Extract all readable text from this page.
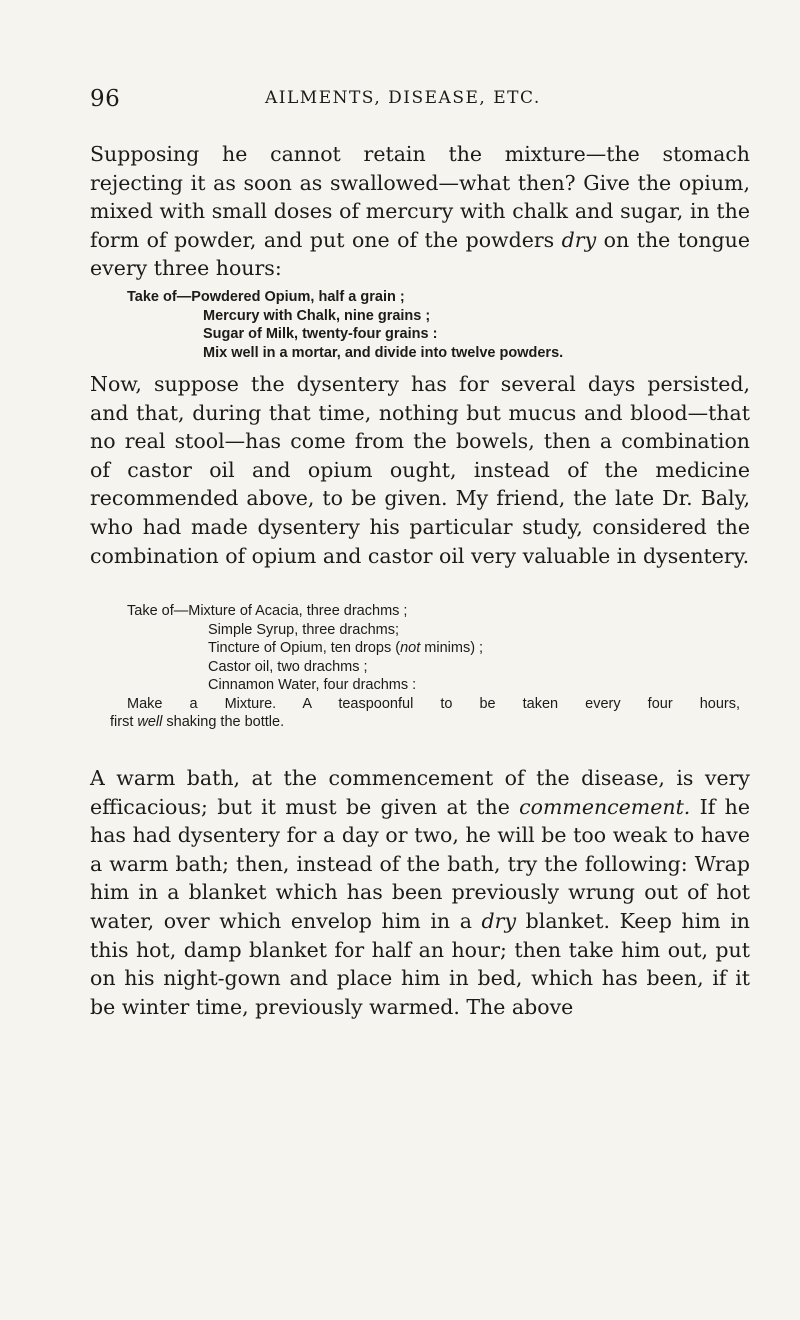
96	AILMENTS, DISEASE, ETC.

Supposing he cannot retain the mixture—the stomach rejecting it as soon as swallowed—what then? Give the opium, mixed with small doses of mercury with chalk and sugar, in the form of powder, and put one of the powders dry on the tongue every three hours:

Take of—Powdered Opium, half a grain ;
Mercury with Chalk, nine grains ;
Sugar of Milk, twenty-four grains :
Mix well in a mortar, and divide into twelve powders.

Now, suppose the dysentery has for several days persisted, and that, during that time, nothing but mucus and blood—that no real stool—has come from the bowels, then a combination of castor oil and opium ought, instead of the medicine recommended above, to be given. My friend, the late Dr. Baly, who had made dysentery his particular study, considered the combination of opium and castor oil very valuable in dysentery.

Take of—Mixture of Acacia, three drachms ;
Simple Syrup, three drachms;
Tincture of Opium, ten drops (not minims) ;
Castor oil, two drachms ;
Cinnamon Water, four drachms :
Make a Mixture. A teaspoonful to be taken every four hours,
first well shaking the bottle.

A warm bath, at the commencement of the disease, is very efficacious; but it must be given at the commencement. If he has had dysentery for a day or two, he will be too weak to have a warm bath; then, instead of the bath, try the following: Wrap him in a blanket which has been previously wrung out of hot water, over which envelop him in a dry blanket. Keep him in this hot, damp blanket for half an hour; then take him out, put on his night-gown and place him in bed, which has been, if it be winter time, previously warmed. The above
